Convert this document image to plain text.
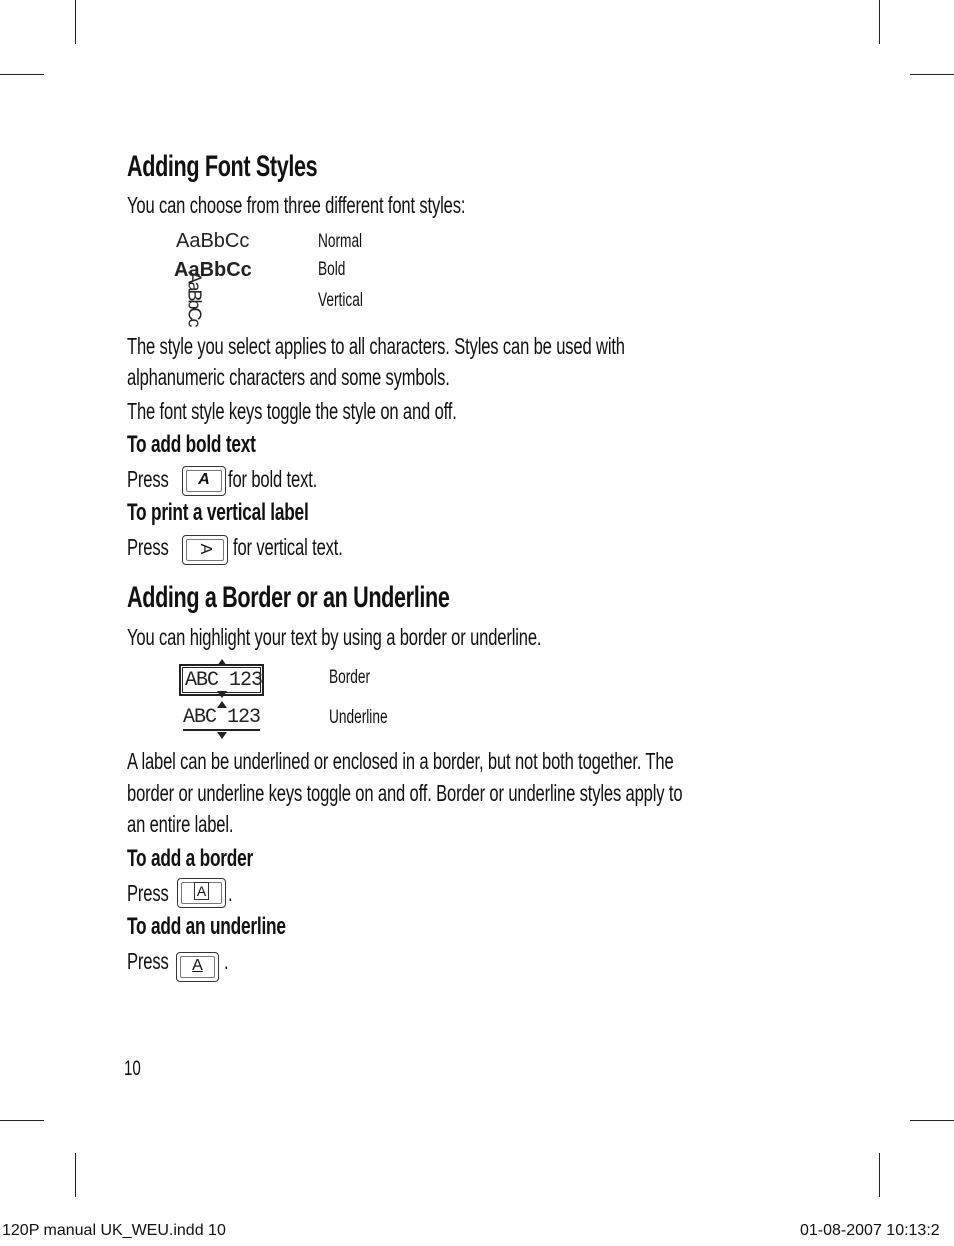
Adding Font Styles
You can choose from three different font styles:
AaBbCc	Normal
AaBbCc	Bold
AaBbCc	Vertical
The style you select applies to all characters. Styles can be used with
alphanumeric characters and some symbols.
The font style keys toggle the style on and off.
To add bold text
Press	A for bold text.
To print a vertical label
Press	A for vertical text.
Adding a Border or an Underline
You can highlight your text by using a border or underline.
ABC 123	Border
ABC 123	Underline
A label can be underlined or enclosed in a border, but not both together. The
border or underline keys toggle on and off. Border or underline styles apply to
an entire label.
To add a border
Press	A .
To add an underline
Press	A .
10
120P manual UK_WEU.indd 10	01-08-2007 10:13:2
